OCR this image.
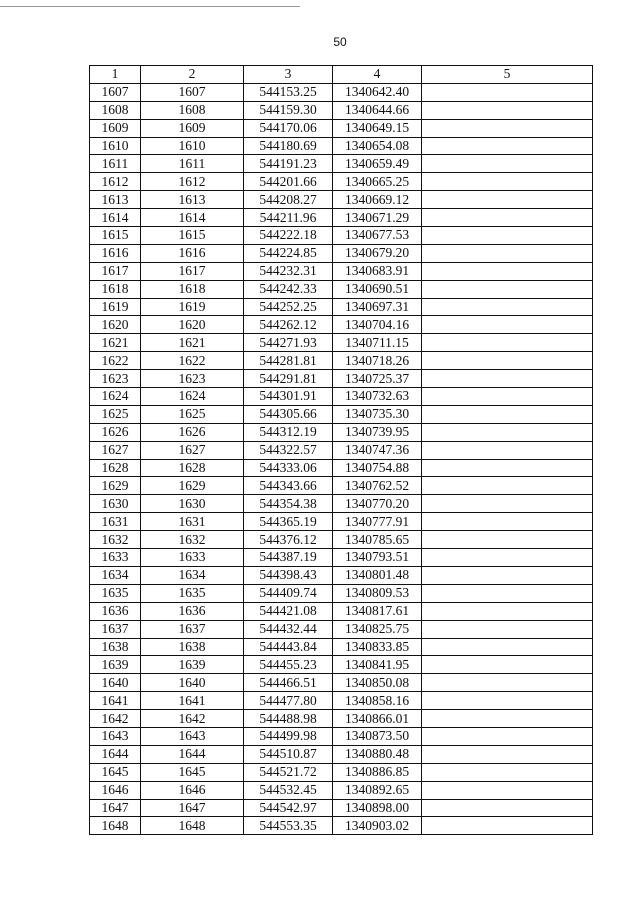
50
1	2	3	4	5
1607	1607	544153.25	1340642.40	
1608	1608	544159.30	1340644.66	
1609	1609	544170.06	1340649.15	
1610	1610	544180.69	1340654.08	
1611	1611	544191.23	1340659.49	
1612	1612	544201.66	1340665.25	
1613	1613	544208.27	1340669.12	
1614	1614	544211.96	1340671.29	
1615	1615	544222.18	1340677.53	
1616	1616	544224.85	1340679.20	
1617	1617	544232.31	1340683.91	
1618	1618	544242.33	1340690.51	
1619	1619	544252.25	1340697.31	
1620	1620	544262.12	1340704.16	
1621	1621	544271.93	1340711.15	
1622	1622	544281.81	1340718.26	
1623	1623	544291.81	1340725.37	
1624	1624	544301.91	1340732.63	
1625	1625	544305.66	1340735.30	
1626	1626	544312.19	1340739.95	
1627	1627	544322.57	1340747.36	
1628	1628	544333.06	1340754.88	
1629	1629	544343.66	1340762.52	
1630	1630	544354.38	1340770.20	
1631	1631	544365.19	1340777.91	
1632	1632	544376.12	1340785.65	
1633	1633	544387.19	1340793.51	
1634	1634	544398.43	1340801.48	
1635	1635	544409.74	1340809.53	
1636	1636	544421.08	1340817.61	
1637	1637	544432.44	1340825.75	
1638	1638	544443.84	1340833.85	
1639	1639	544455.23	1340841.95	
1640	1640	544466.51	1340850.08	
1641	1641	544477.80	1340858.16	
1642	1642	544488.98	1340866.01	
1643	1643	544499.98	1340873.50	
1644	1644	544510.87	1340880.48	
1645	1645	544521.72	1340886.85	
1646	1646	544532.45	1340892.65	
1647	1647	544542.97	1340898.00	
1648	1648	544553.35	1340903.02	
